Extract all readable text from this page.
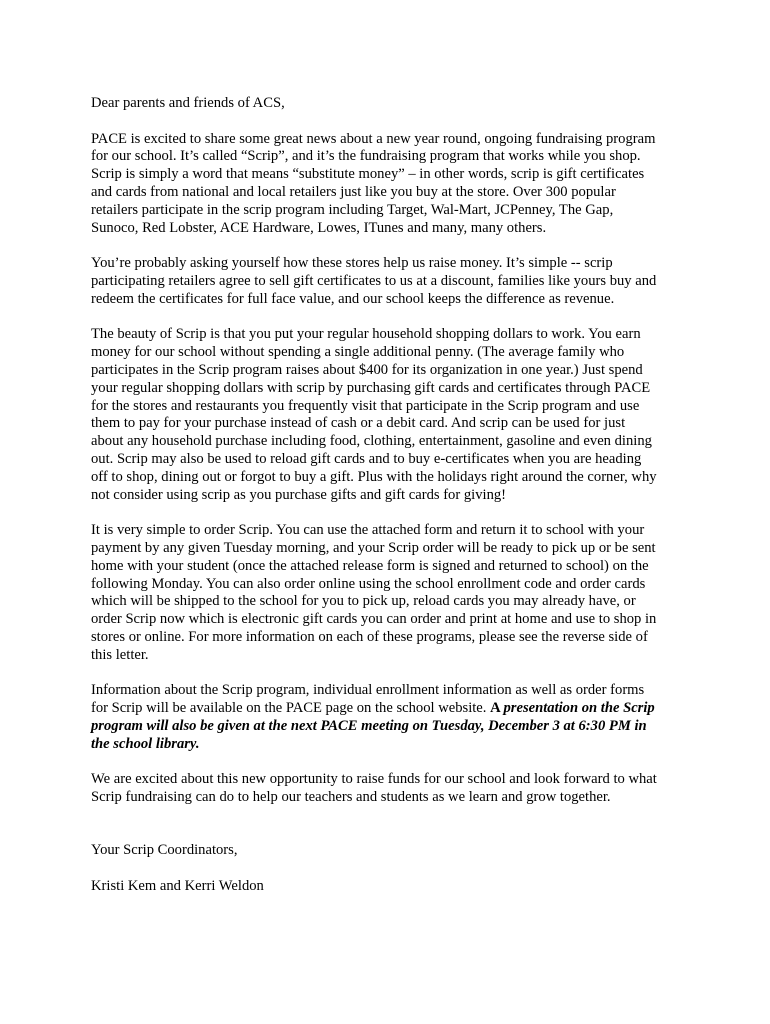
Dear parents and friends of ACS,

PACE is excited to share some great news about a new year round, ongoing fundraising program
for our school. It’s called “Scrip”, and it’s the fundraising program that works while you shop.
Scrip is simply a word that means “substitute money” – in other words, scrip is gift certificates
and cards from national and local retailers just like you buy at the store. Over 300 popular
retailers participate in the scrip program including Target, Wal-Mart, JCPenney, The Gap,
Sunoco, Red Lobster, ACE Hardware, Lowes, ITunes and many, many others.

You’re probably asking yourself how these stores help us raise money. It’s simple -- scrip
participating retailers agree to sell gift certificates to us at a discount, families like yours buy and
redeem the certificates for full face value, and our school keeps the difference as revenue.

The beauty of Scrip is that you put your regular household shopping dollars to work. You earn
money for our school without spending a single additional penny. (The average family who
participates in the Scrip program raises about $400 for its organization in one year.) Just spend
your regular shopping dollars with scrip by purchasing gift cards and certificates through PACE
for the stores and restaurants you frequently visit that participate in the Scrip program and use
them to pay for your purchase instead of cash or a debit card. And scrip can be used for just
about any household purchase including food, clothing, entertainment, gasoline and even dining
out. Scrip may also be used to reload gift cards and to buy e-certificates when you are heading
off to shop, dining out or forgot to buy a gift. Plus with the holidays right around the corner, why
not consider using scrip as you purchase gifts and gift cards for giving!

It is very simple to order Scrip. You can use the attached form and return it to school with your
payment by any given Tuesday morning, and your Scrip order will be ready to pick up or be sent
home with your student (once the attached release form is signed and returned to school) on the
following Monday. You can also order online using the school enrollment code and order cards
which will be shipped to the school for you to pick up, reload cards you may already have, or
order Scrip now which is electronic gift cards you can order and print at home and use to shop in
stores or online. For more information on each of these programs, please see the reverse side of
this letter.

Information about the Scrip program, individual enrollment information as well as order forms
for Scrip will be available on the PACE page on the school website. A presentation on the Scrip
program will also be given at the next PACE meeting on Tuesday, December 3 at 6:30 PM in
the school library.

We are excited about this new opportunity to raise funds for our school and look forward to what
Scrip fundraising can do to help our teachers and students as we learn and grow together.

Your Scrip Coordinators,

Kristi Kem and Kerri Weldon
